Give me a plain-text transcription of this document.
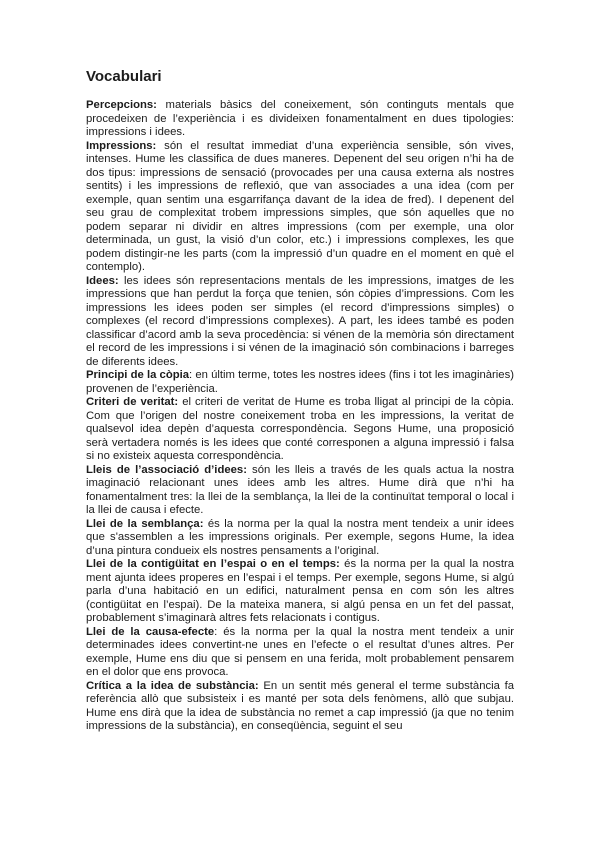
Vocabulari

Percepcions: materials bàsics del coneixement, són continguts mentals que procedeixen de l’experiència i es divideixen fonamentalment en dues tipologies: impressions i idees.

Impressions: són el resultat immediat d’una experiència sensible, són vives, intenses. Hume les classifica de dues maneres. Depenent del seu origen n’hi ha de dos tipus: impressions de sensació (provocades per una causa externa als nostres sentits) i les impressions de reflexió, que van associades a una idea (com per exemple, quan sentim una esgarrifança davant de la idea de fred). I depenent del seu grau de complexitat trobem impressions simples, que són aquelles que no podem separar ni dividir en altres impressions (com per exemple, una olor determinada, un gust, la visió d’un color, etc.) i impressions complexes, les que podem distingir-ne les parts (com la impressió d’un quadre en el moment en què el contemplo).

Idees: les idees són representacions mentals de les impressions, imatges de les impressions que han perdut la força que tenien, són còpies d’impressions. Com les impressions les idees poden ser simples (el record d’impressions simples) o complexes (el record d’impressions complexes). A part, les idees també es poden classificar d’acord amb la seva procedència: si vénen de la memòria són directament el record de les impressions i si vénen de la imaginació són combinacions i barreges de diferents idees.

Principi de la còpia: en últim terme, totes les nostres idees (fins i tot les imaginàries) provenen de l’experiència.

Criteri de veritat: el criteri de veritat de Hume es troba lligat al principi de la còpia. Com que l’origen del nostre coneixement troba en les impressions, la veritat de qualsevol idea depèn d’aquesta correspondència. Segons Hume, una proposició serà vertadera només is les idees que conté corresponen a alguna impressió i falsa si no existeix aquesta correspondència.

Lleis de l’associació d’idees: són les lleis a través de les quals actua la nostra imaginació relacionant unes idees amb les altres. Hume dirà que n’hi ha fonamentalment tres: la llei de la semblança, la llei de la continuïtat temporal o local i la llei de causa i efecte.

Llei de la semblança: és la norma per la qual la nostra ment tendeix a unir idees que s'assemblen a les impressions originals. Per exemple, segons Hume, la idea d’una pintura condueix els nostres pensaments a l’original.

Llei de la contigüitat en l’espai o en el temps: és la norma per la qual la nostra ment ajunta idees properes en l’espai i el temps. Per exemple, segons Hume, si algú parla d’una habitació en un edifici, naturalment pensa en com són les altres (contigüitat en l’espai). De la mateixa manera, si algú pensa en un fet del passat, probablement s’imaginarà altres fets relacionats i contigus.

Llei de la causa-efecte: és la norma per la qual la nostra ment tendeix a unir determinades idees convertint-ne unes en l’efecte o el resultat d’unes altres. Per exemple, Hume ens diu que si pensem en una ferida, molt probablement pensarem en el dolor que ens provoca.

Crítica a la idea de substància: En un sentit més general el terme substància fa referència allò que subsisteix i es manté per sota dels fenòmens, allò que subjau. Hume ens dirà que la idea de substància no remet a cap impressió (ja que no tenim impressions de la substància), en conseqüència, seguint el seu
